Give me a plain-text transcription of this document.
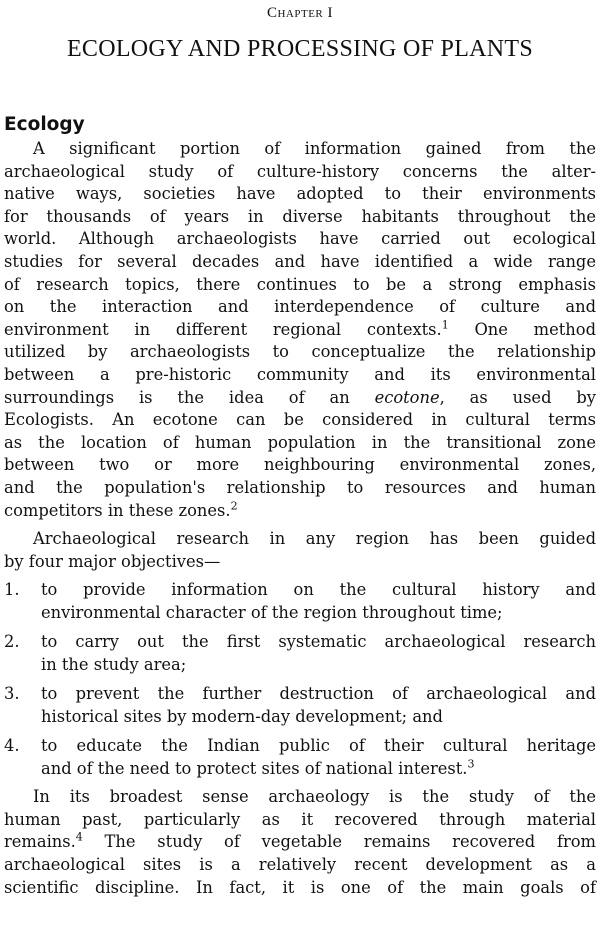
Chapter I
ECOLOGY AND PROCESSING OF PLANTS
Ecology
A significant portion of information gained from the
archaeological study of culture-history concerns the alter-
native ways, societies have adopted to their environments
for thousands of years in diverse habitants throughout the
world. Although archaeologists have carried out ecological
studies for several decades and have identified a wide range
of research topics, there continues to be a strong emphasis
on the interaction and interdependence of culture and
environment in different regional contexts.$^1$ One method
utilized by archaeologists to conceptualize the relationship
between a pre-historic community and its environmental
surroundings is the idea of an ecotone, as used by
Ecologists. An ecotone can be considered in cultural terms
as the location of human population in the transitional zone
between two or more neighbouring environmental zones,
and the population's relationship to resources and human
competitors in these zones.$^2$
Archaeological research in any region has been guided
by four major objectives—
1.	to provide information on the cultural history and
environmental character of the region throughout time;
2.	to carry out the first systematic archaeological research
in the study area;
3.	to prevent the further destruction of archaeological and
historical sites by modern-day development; and
4.	to educate the Indian public of their cultural heritage
and of the need to protect sites of national interest.$^3$
In its broadest sense archaeology is the study of the
human past, particularly as it recovered through material
remains.$^4$ The study of vegetable remains recovered from
archaeological sites is a relatively recent development as a
scientific discipline. In fact, it is one of the main goals of
